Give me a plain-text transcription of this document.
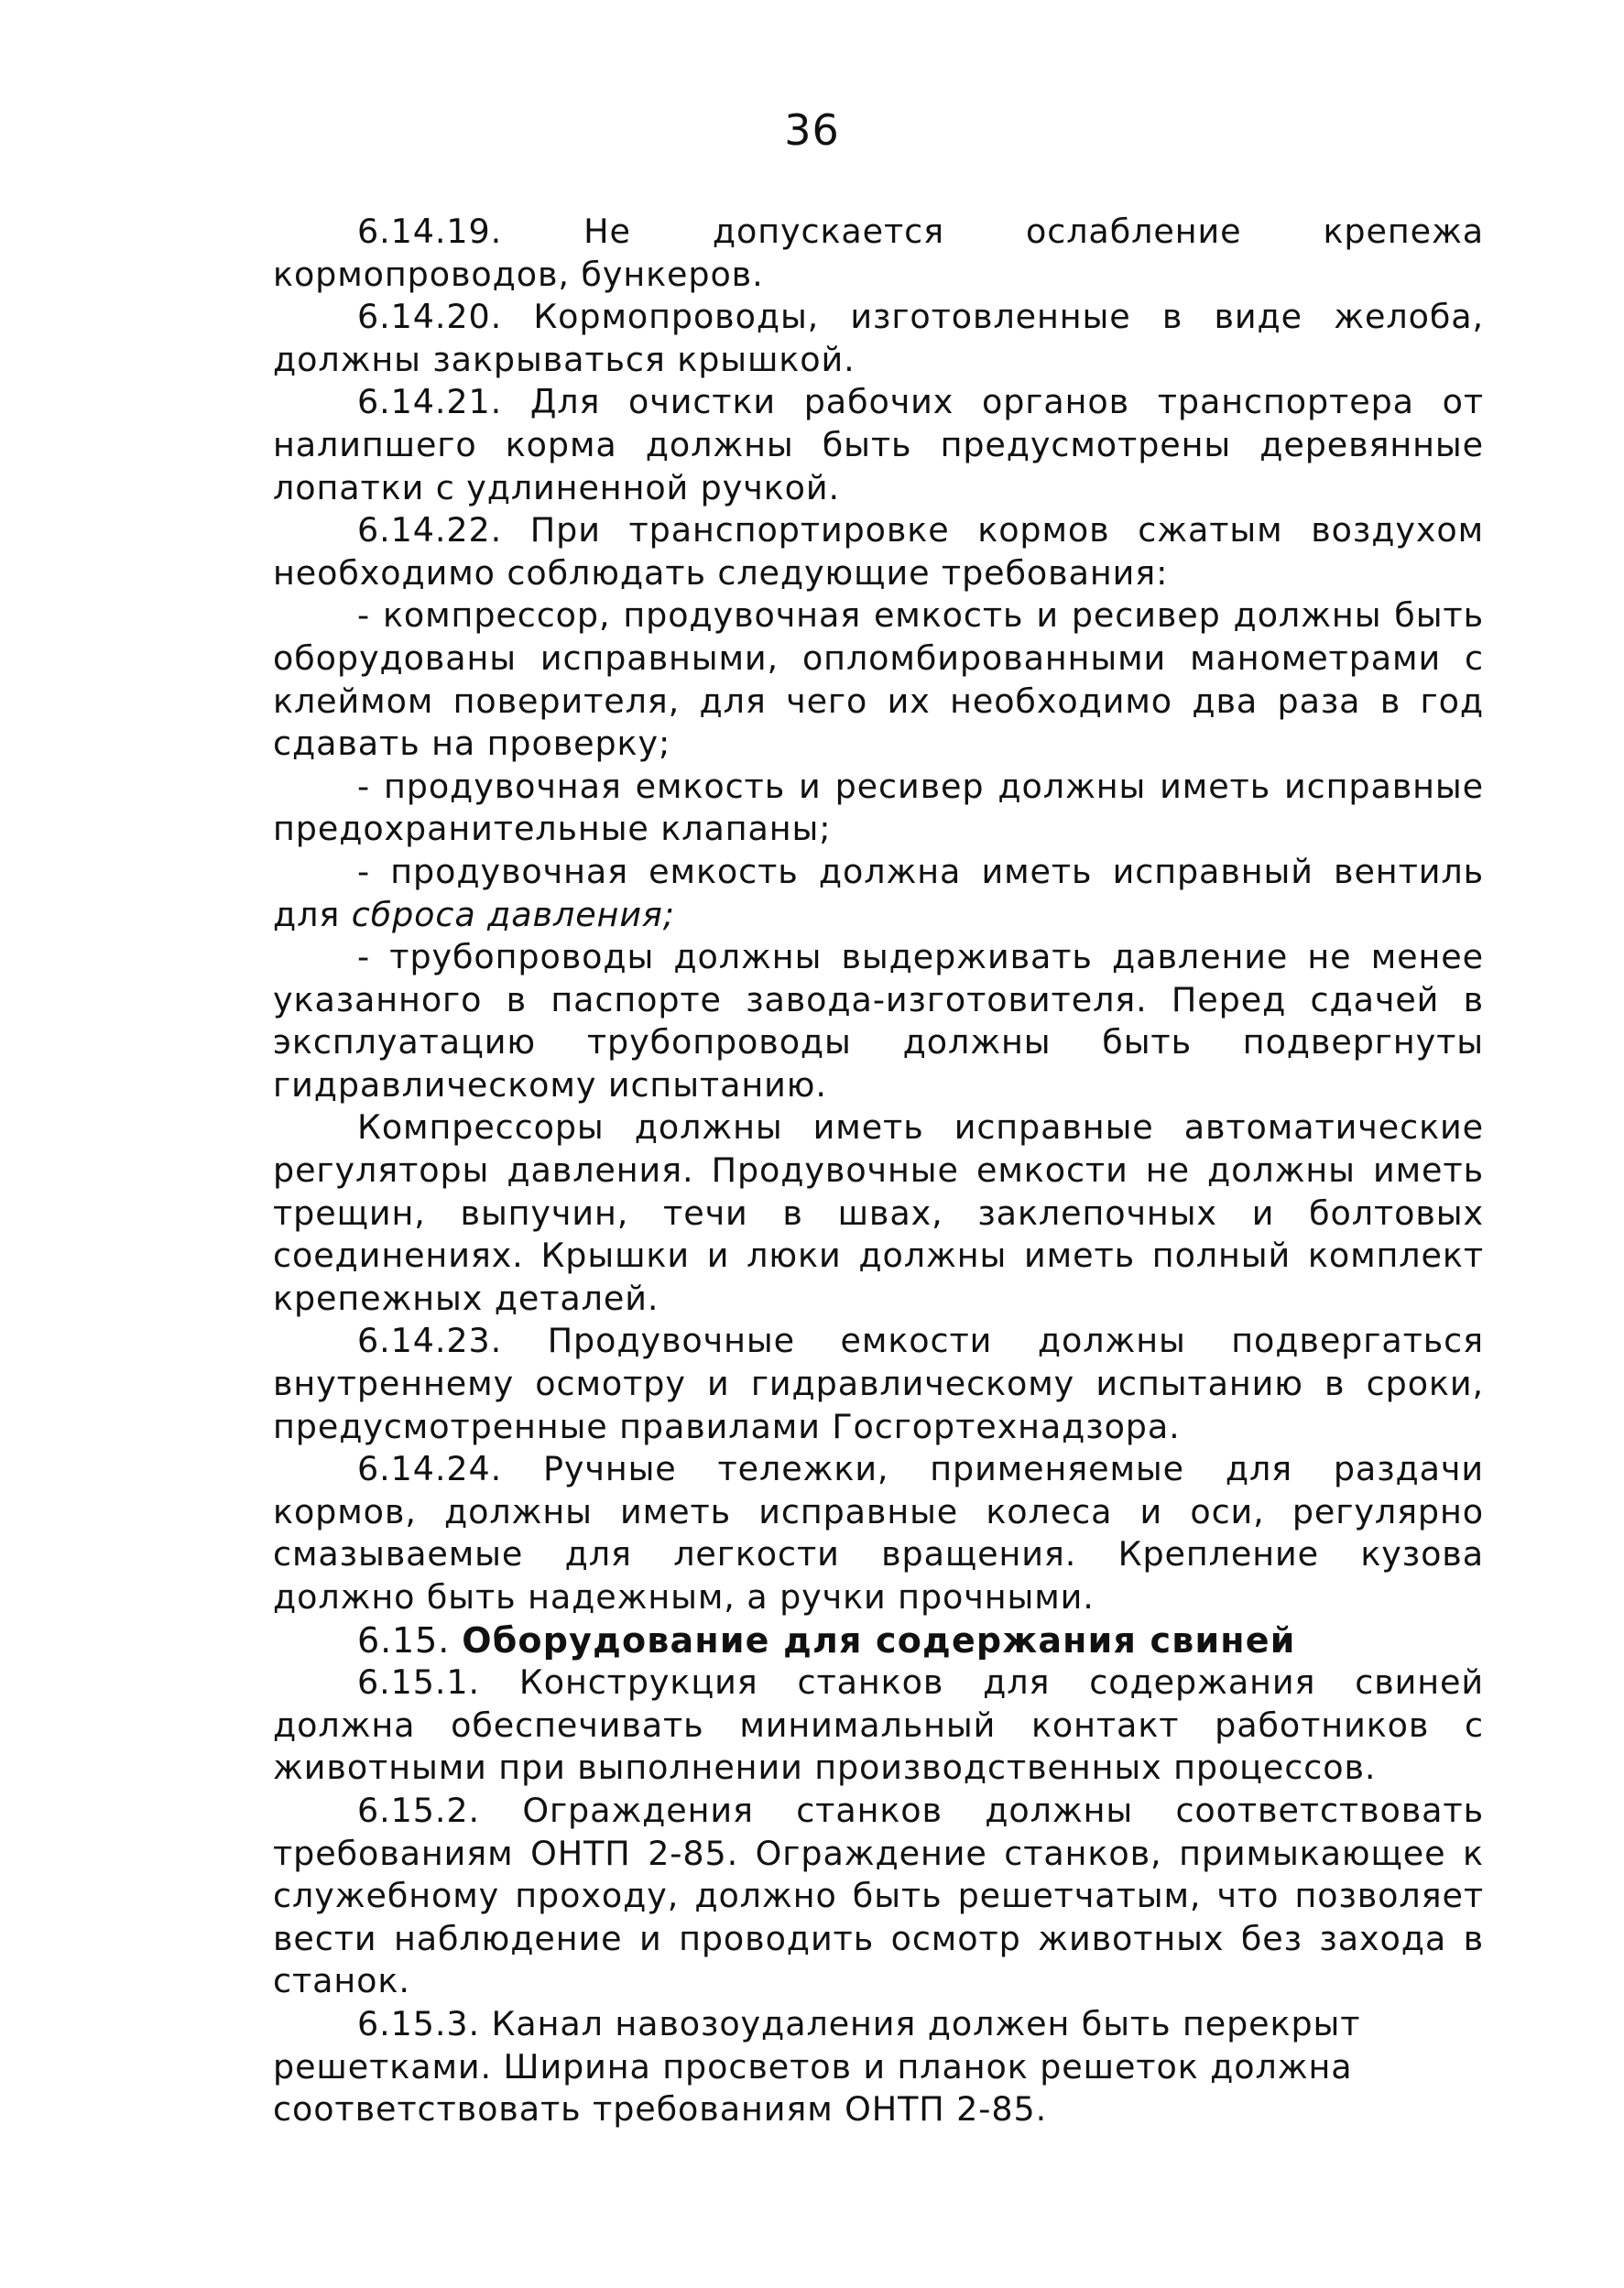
36

6.14.19. Не допускается ослабление крепежа кормопроводов, бункеров.

6.14.20. Кормопроводы, изготовленные в виде желоба, должны закрываться крышкой.

6.14.21. Для очистки рабочих органов транспортера от налипшего корма должны быть предусмотрены деревянные лопатки с удлиненной ручкой.

6.14.22. При транспортировке кормов сжатым воздухом необходимо соблюдать следующие требования:

- компрессор, продувочная емкость и ресивер должны быть оборудованы исправными, опломбированными манометрами с клеймом поверителя, для чего их необходимо два раза в год сдавать на проверку;

- продувочная емкость и ресивер должны иметь исправные предохранительные клапаны;

- продувочная емкость должна иметь исправный вентиль для сброса давления;

- трубопроводы должны выдерживать давление не менее указанного в паспорте завода-изготовителя. Перед сдачей в эксплуатацию трубопроводы должны быть подвергнуты гидравлическому испытанию.

Компрессоры должны иметь исправные автоматические регуляторы давления. Продувочные емкости не должны иметь трещин, выпучин, течи в швах, заклепочных и болтовых соединениях. Крышки и люки должны иметь полный комплект крепежных деталей.

6.14.23. Продувочные емкости должны подвергаться внутреннему осмотру и гидравлическому испытанию в сроки, предусмотренные правилами Госгортехнадзора.

6.14.24. Ручные тележки, применяемые для раздачи кормов, должны иметь исправные колеса и оси, регулярно смазываемые для легкости вращения. Крепление кузова должно быть надежным, а ручки прочными.

6.15. Оборудование для содержания свиней

6.15.1. Конструкция станков для содержания свиней должна обеспечивать минимальный контакт работников с животными при выполнении производственных процессов.

6.15.2. Ограждения станков должны соответствовать требованиям ОНТП 2-85. Ограждение станков, примыкающее к служебному проходу, должно быть решетчатым, что позволяет вести наблюдение и проводить осмотр животных без захода в станок.

6.15.3. Канал навозоудаления должен быть перекрыт решетками. Ширина просветов и планок решеток должна соответствовать требованиям ОНТП 2-85.
